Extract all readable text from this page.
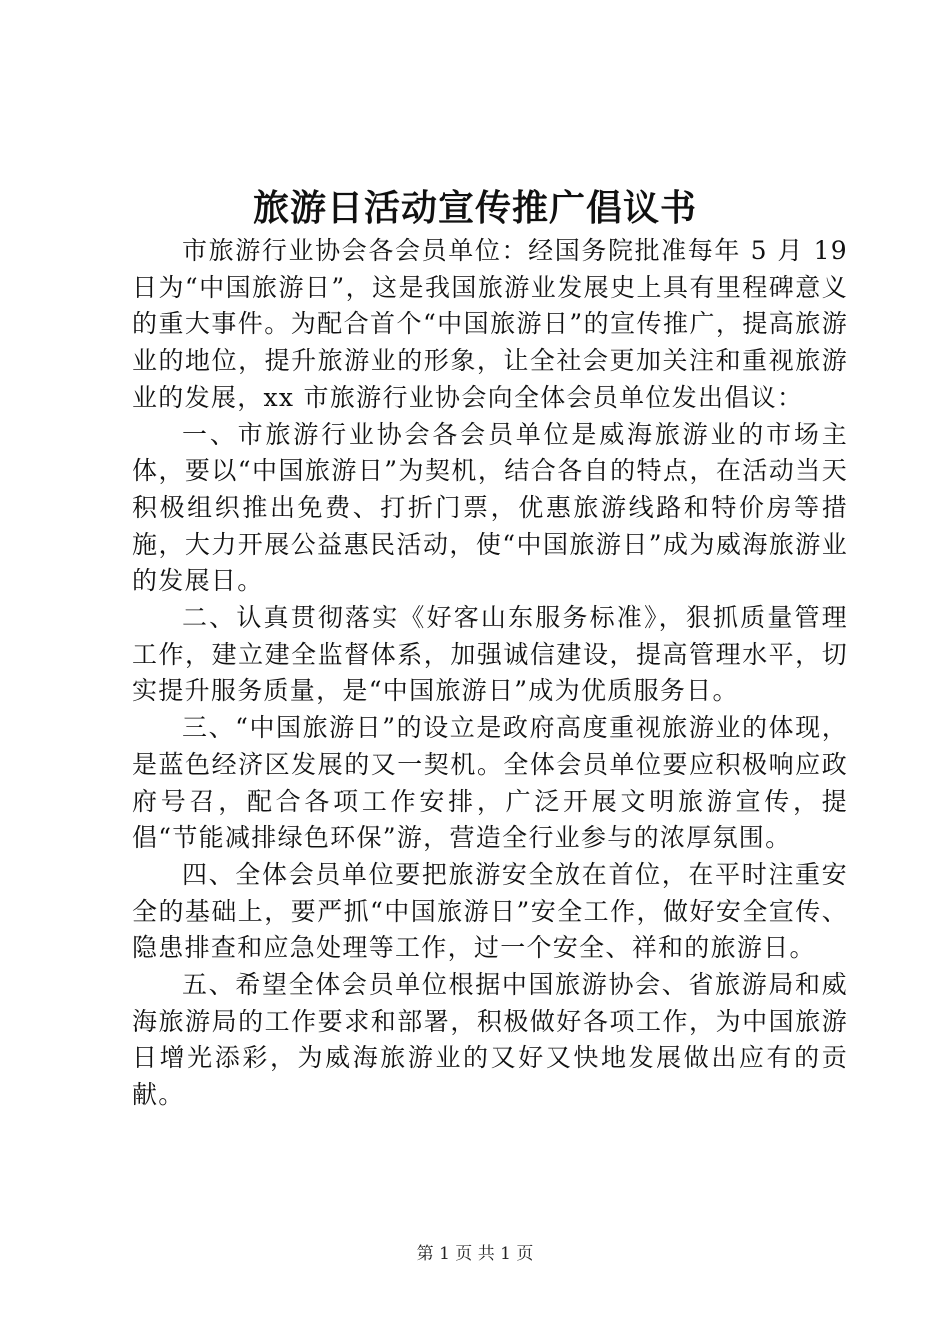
旅游日活动宣传推广倡议书

市旅游行业协会各会员单位：经国务院批准每年 5 月 19 日为“中国旅游日”，这是我国旅游业发展史上具有里程碑意义的重大事件。为配合首个“中国旅游日”的宣传推广，提高旅游业的地位，提升旅游业的形象，让全社会更加关注和重视旅游业的发展，xx 市旅游行业协会向全体会员单位发出倡议：

一、市旅游行业协会各会员单位是威海旅游业的市场主体，要以“中国旅游日”为契机，结合各自的特点，在活动当天积极组织推出免费、打折门票，优惠旅游线路和特价房等措施，大力开展公益惠民活动，使“中国旅游日”成为威海旅游业的发展日。

二、认真贯彻落实《好客山东服务标准》，狠抓质量管理工作，建立建全监督体系，加强诚信建设，提高管理水平，切实提升服务质量，是“中国旅游日”成为优质服务日。

三、“中国旅游日”的设立是政府高度重视旅游业的体现，是蓝色经济区发展的又一契机。全体会员单位要应积极响应政府号召，配合各项工作安排，广泛开展文明旅游宣传，提倡“节能减排绿色环保”游，营造全行业参与的浓厚氛围。

四、全体会员单位要把旅游安全放在首位，在平时注重安全的基础上，要严抓“中国旅游日”安全工作，做好安全宣传、隐患排查和应急处理等工作，过一个安全、祥和的旅游日。

五、希望全体会员单位根据中国旅游协会、省旅游局和威海旅游局的工作要求和部署，积极做好各项工作，为中国旅游日增光添彩，为威海旅游业的又好又快地发展做出应有的贡献。

第 1 页 共 1 页
